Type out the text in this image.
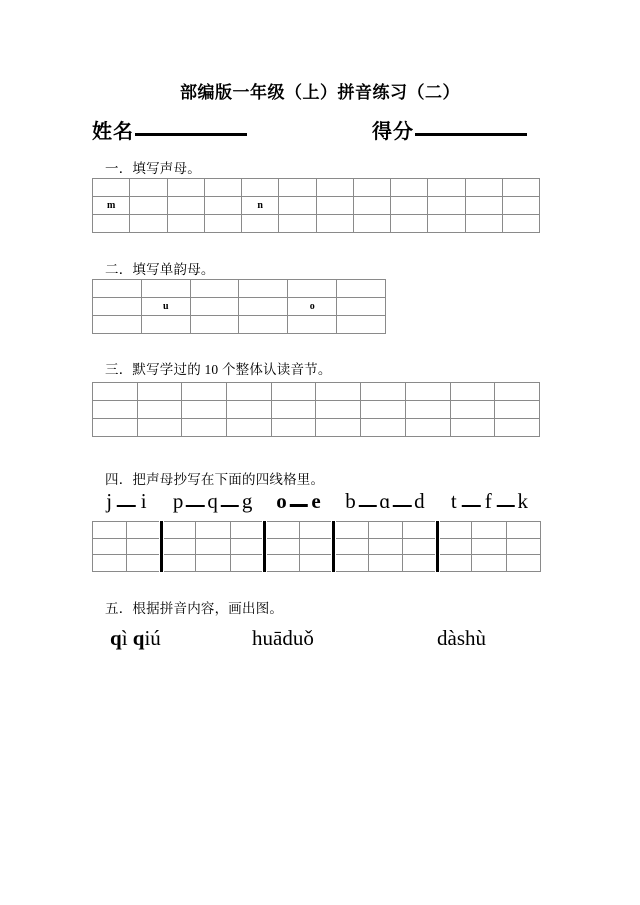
部编版一年级（上）拼音练习（二）
姓名	得分
一．填写声母。

m				n							

二．填写单韵母。

	u			o	

三．默写学过的 10 个整体认读音节。

四．把声母抄写在下面的四线格里。
j i p q g o e b ɑ d t f k
五．根据拼音内容，画出图。
qì qiú	huāduǒ	dàshù
